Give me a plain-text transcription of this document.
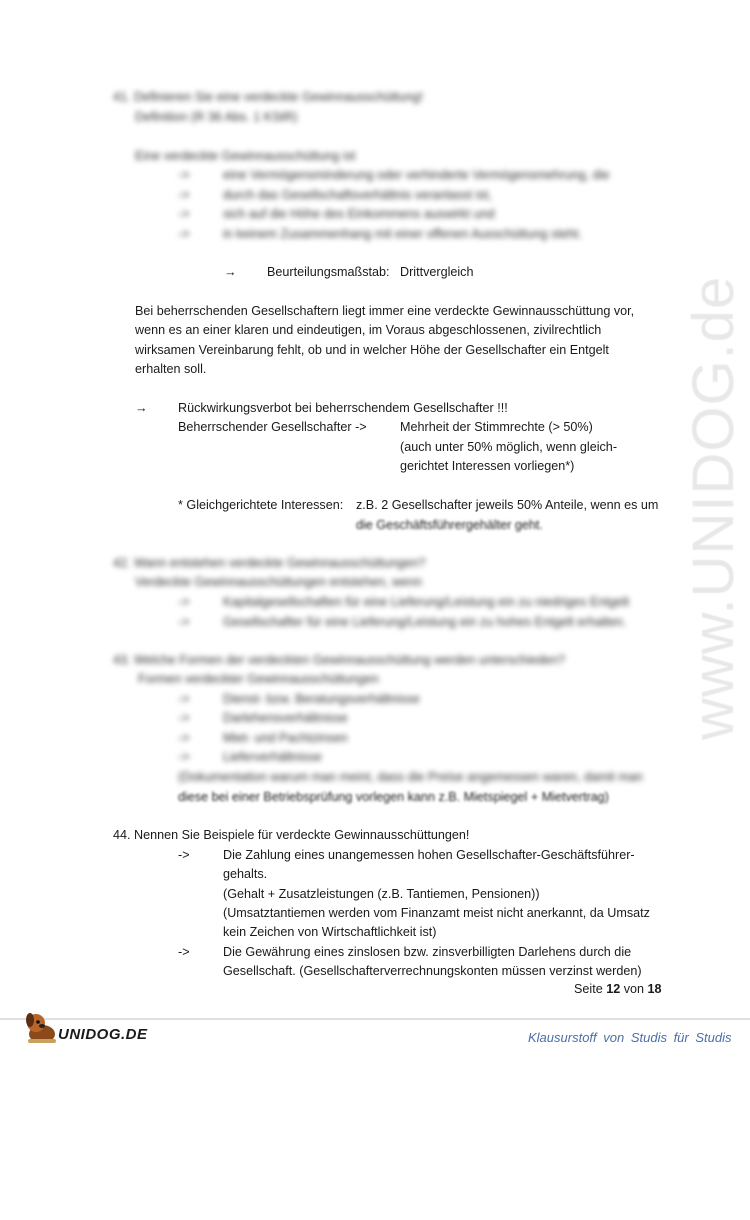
www.UNIDOG.de
41. Definieren Sie eine verdeckte Gewinnausschüttung!
Definition (R 36 Abs. 1 KStR)
Eine verdeckte Gewinnausschüttung ist
->	eine Vermögensminderung oder verhinderte Vermögensmehrung, die
->	durch das Gesellschaftsverhältnis veranlasst ist,
->	sich auf die Höhe des Einkommens auswirkt und
->	in keinem Zusammenhang mit einer offenen Ausschüttung steht.
→ Beurteilungsmaßstab: Drittvergleich
Bei beherrschenden Gesellschaftern liegt immer eine verdeckte Gewinnausschüttung vor,
wenn es an einer klaren und eindeutigen, im Voraus abgeschlossenen, zivilrechtlich
wirksamen Vereinbarung fehlt, ob und in welcher Höhe der Gesellschafter ein Entgelt
erhalten soll.
→ Rückwirkungsverbot bei beherrschendem Gesellschafter !!!
Beherrschender Gesellschafter ->	Mehrheit der Stimmrechte (> 50%)
(auch unter 50% möglich, wenn gleich-
gerichtet Interessen vorliegen*)
* Gleichgerichtete Interessen: z.B. 2 Gesellschafter jeweils 50% Anteile, wenn es um
die Geschäftsführergehälter geht.
42. Wann entstehen verdeckte Gewinnausschüttungen?
Verdeckte Gewinnausschüttungen entstehen, wenn
->	Kapitalgesellschaften für eine Lieferung/Leistung ein zu niedriges Entgelt
->	Gesellschafter für eine Lieferung/Leistung ein zu hohes Entgelt erhalten.
43. Welche Formen der verdeckten Gewinnausschüttung werden unterschieden?
Formen verdeckter Gewinnausschüttungen
->	Dienst- bzw. Beratungsverhältnisse
->	Darlehensverhältnisse
->	Miet- und Pachtzinsen
->	Lieferverhältnisse
(Dokumentation warum man meint, dass die Preise angemessen waren, damit man
diese bei einer Betriebsprüfung vorlegen kann z.B. Mietspiegel + Mietvertrag)
44. Nennen Sie Beispiele für verdeckte Gewinnausschüttungen!
->	Die Zahlung eines unangemessen hohen Gesellschafter-Geschäftsführer-
gehalts.
(Gehalt + Zusatzleistungen (z.B. Tantiemen, Pensionen))
(Umsatztantiemen werden vom Finanzamt meist nicht anerkannt, da Umsatz
kein Zeichen von Wirtschaftlichkeit ist)
->	Die Gewährung eines zinslosen bzw. zinsverbilligten Darlehens durch die
Gesellschaft. (Gesellschafterverrechnungskonten müssen verzinst werden)
Seite 12 von 18
UNIDOG.DE	Klausurstoff von Studis für Studis
